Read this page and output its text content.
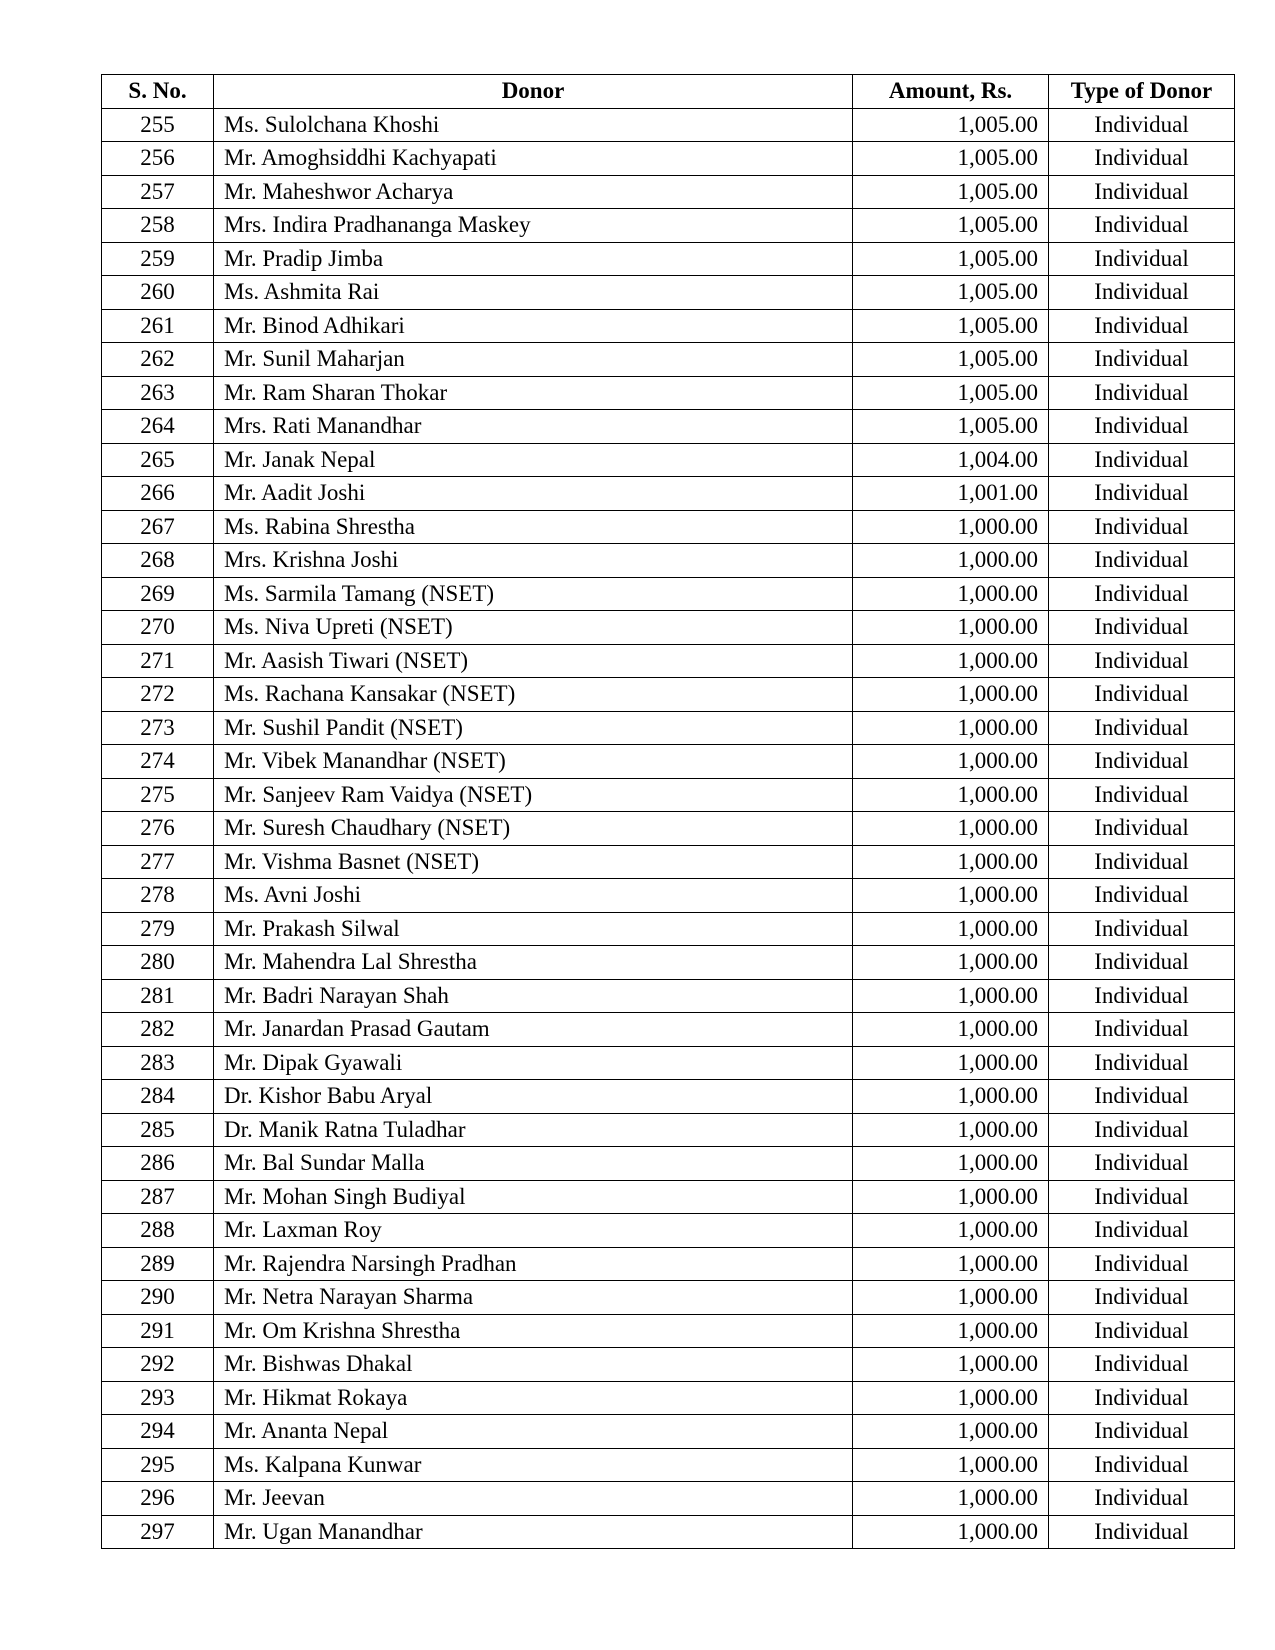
S. No.	Donor	Amount, Rs.	Type of Donor
255	Ms. Sulolchana Khoshi	1,005.00	Individual
256	Mr. Amoghsiddhi Kachyapati	1,005.00	Individual
257	Mr. Maheshwor Acharya	1,005.00	Individual
258	Mrs. Indira Pradhananga Maskey	1,005.00	Individual
259	Mr. Pradip Jimba	1,005.00	Individual
260	Ms. Ashmita Rai	1,005.00	Individual
261	Mr. Binod Adhikari	1,005.00	Individual
262	Mr. Sunil Maharjan	1,005.00	Individual
263	Mr. Ram Sharan Thokar	1,005.00	Individual
264	Mrs. Rati Manandhar	1,005.00	Individual
265	Mr. Janak Nepal	1,004.00	Individual
266	Mr. Aadit Joshi	1,001.00	Individual
267	Ms. Rabina Shrestha	1,000.00	Individual
268	Mrs. Krishna Joshi	1,000.00	Individual
269	Ms. Sarmila Tamang (NSET)	1,000.00	Individual
270	Ms. Niva Upreti (NSET)	1,000.00	Individual
271	Mr. Aasish Tiwari (NSET)	1,000.00	Individual
272	Ms. Rachana Kansakar (NSET)	1,000.00	Individual
273	Mr. Sushil Pandit (NSET)	1,000.00	Individual
274	Mr. Vibek Manandhar (NSET)	1,000.00	Individual
275	Mr. Sanjeev Ram Vaidya (NSET)	1,000.00	Individual
276	Mr. Suresh Chaudhary (NSET)	1,000.00	Individual
277	Mr. Vishma Basnet (NSET)	1,000.00	Individual
278	Ms. Avni Joshi	1,000.00	Individual
279	Mr. Prakash Silwal	1,000.00	Individual
280	Mr. Mahendra Lal Shrestha	1,000.00	Individual
281	Mr. Badri Narayan Shah	1,000.00	Individual
282	Mr. Janardan Prasad Gautam	1,000.00	Individual
283	Mr. Dipak Gyawali	1,000.00	Individual
284	Dr. Kishor Babu Aryal	1,000.00	Individual
285	Dr. Manik Ratna Tuladhar	1,000.00	Individual
286	Mr. Bal Sundar Malla	1,000.00	Individual
287	Mr. Mohan Singh Budiyal	1,000.00	Individual
288	Mr. Laxman Roy	1,000.00	Individual
289	Mr. Rajendra Narsingh Pradhan	1,000.00	Individual
290	Mr. Netra Narayan Sharma	1,000.00	Individual
291	Mr. Om Krishna Shrestha	1,000.00	Individual
292	Mr. Bishwas Dhakal	1,000.00	Individual
293	Mr. Hikmat Rokaya	1,000.00	Individual
294	Mr. Ananta Nepal	1,000.00	Individual
295	Ms. Kalpana Kunwar	1,000.00	Individual
296	Mr. Jeevan	1,000.00	Individual
297	Mr. Ugan Manandhar	1,000.00	Individual
